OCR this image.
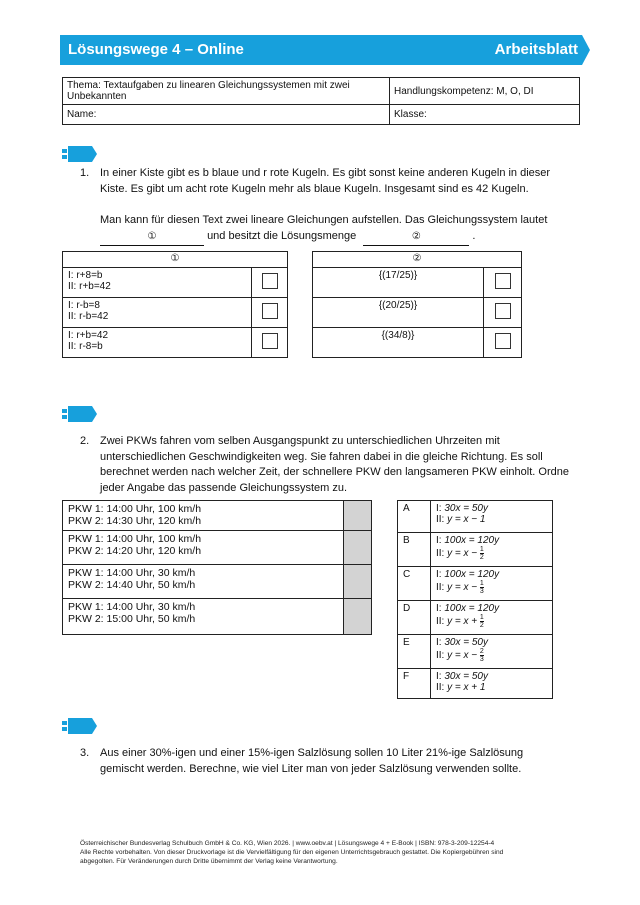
Lösungswege 4 – Online	Arbeitsblatt
Thema: Textaufgaben zu linearen Gleichungssystemen mit zwei Unbekannten	Handlungskompetenz: M, O, DI
Name:	Klasse:
1. In einer Kiste gibt es b blaue und r rote Kugeln. Es gibt sonst keine anderen Kugeln in dieser Kiste. Es gibt um acht rote Kugeln mehr als blaue Kugeln. Insgesamt sind es 42 Kugeln.
Man kann für diesen Text zwei lineare Gleichungen aufstellen. Das Gleichungssystem lautet
①	und besitzt die Lösungsmenge	②	.
①	

I: r+8=b
II: r+b=42	

I: r-b=8
II: r-b=42	

I: r+b=42
II: r-8=b	

②	
{(17/25)}	
{(20/25)}	
{(34/8)}	
2. Zwei PKWs fahren vom selben Ausgangspunkt zu unterschiedlichen Uhrzeiten mit unterschiedlichen Geschwindigkeiten weg. Sie fahren dabei in die gleiche Richtung. Es soll berechnet werden nach welcher Zeit, der schnellere PKW den langsameren PKW einholt. Ordne jeder Angabe das passende Gleichungssystem zu.
PKW 1: 14:00 Uhr, 100 km/h
PKW 2: 14:30 Uhr, 120 km/h	

PKW 1: 14:00 Uhr, 100 km/h
PKW 2: 14:20 Uhr, 120 km/h	

PKW 1: 14:00 Uhr, 30 km/h
PKW 2: 14:40 Uhr, 50 km/h	

PKW 1: 14:00 Uhr, 30 km/h
PKW 2: 15:00 Uhr, 50 km/h	

A	I: 30x = 50y
II: y = x − 1

B	I: 100x = 120y
II: $y = x - \frac{1}{2}$

C	I: 100x = 120y
II: $y = x - \frac{1}{3}$

D	I: 100x = 120y
II: $y = x + \frac{1}{2}$

E	I: 30x = 50y
II: $y = x - \frac{2}{3}$

F	I: 30x = 50y
II: y = x + 1
3. Aus einer 30%-igen und einer 15%-igen Salzlösung sollen 10 Liter 21%-ige Salzlösung gemischt werden. Berechne, wie viel Liter man von jeder Salzlösung verwenden sollte.
Österreichischer Bundesverlag Schulbuch GmbH & Co. KG, Wien 2026. | www.oebv.at | Lösungswege 4 + E-Book | ISBN: 978-3-209-12254-4
Alle Rechte vorbehalten. Von dieser Druckvorlage ist die Vervielfältigung für den eigenen Unterrichtsgebrauch gestattet. Die Kopiergebühren sind
abgegolten. Für Veränderungen durch Dritte übernimmt der Verlag keine Verantwortung.
